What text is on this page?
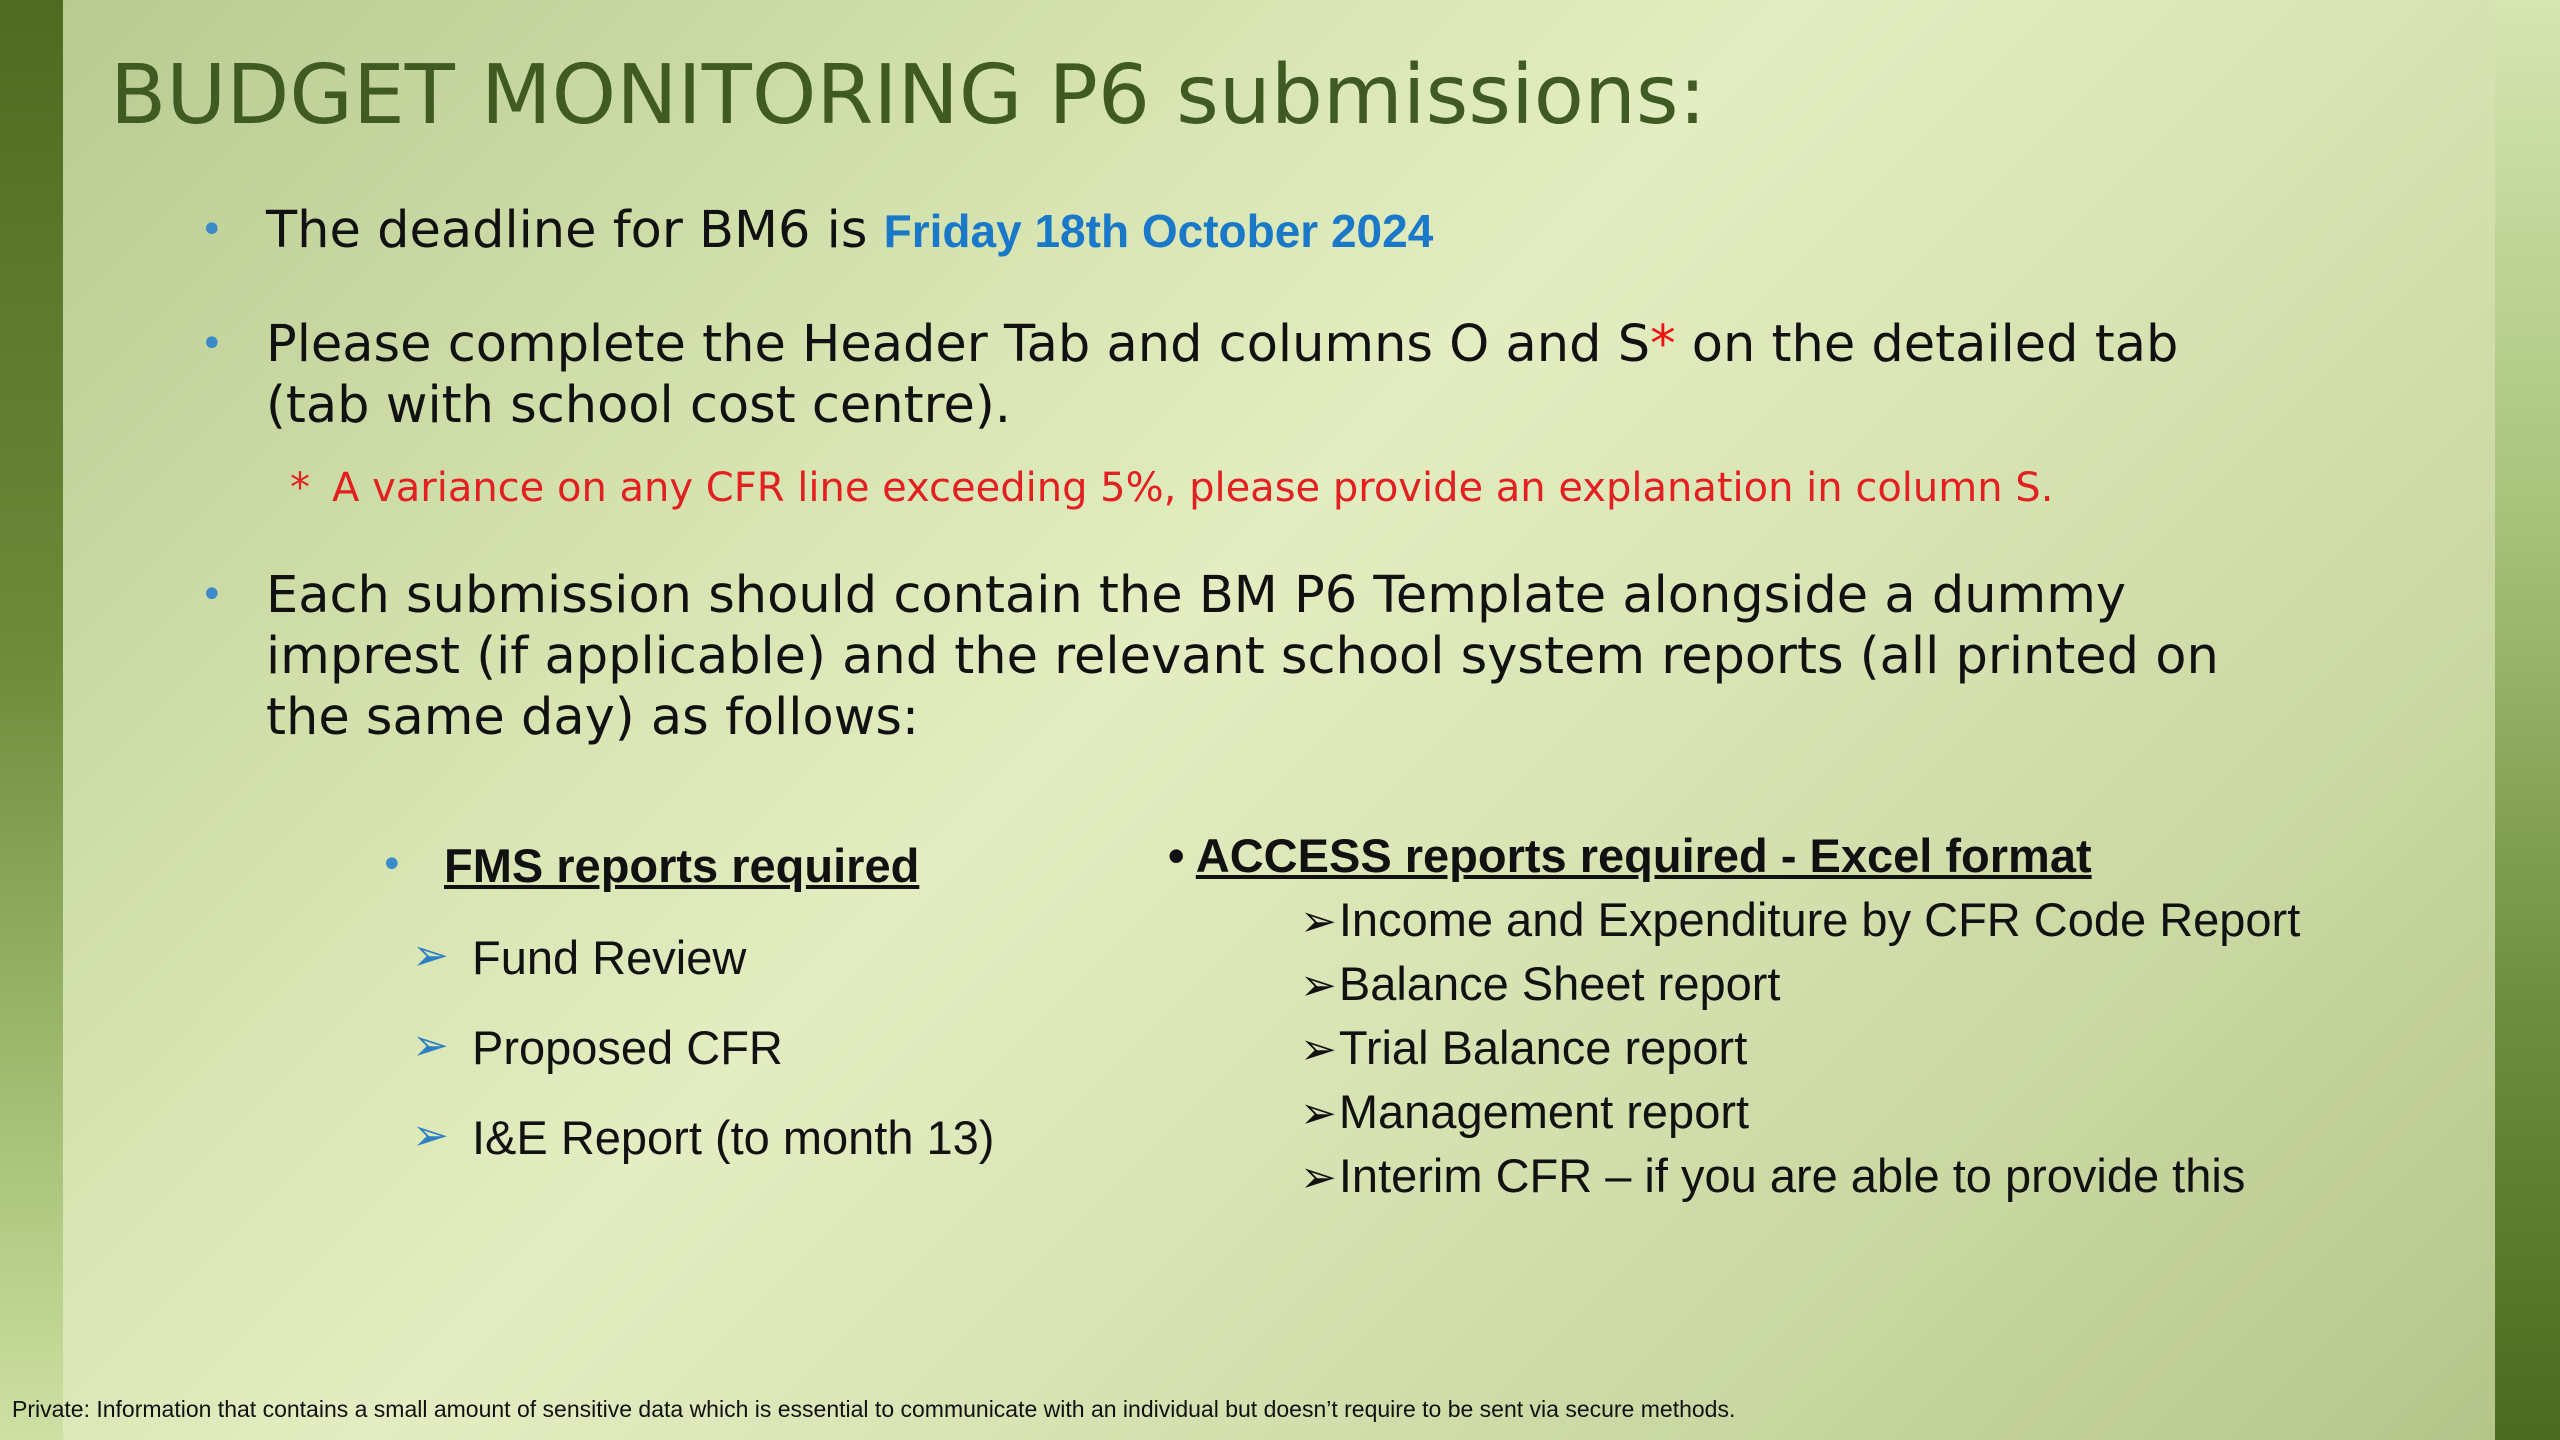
BUDGET MONITORING P6 submissions:
• The deadline for BM6 is Friday 18th October 2024
• Please complete the Header Tab and columns O and S* on the detailed tab
(tab with school cost centre).
* A variance on any CFR line exceeding 5%, please provide an explanation in column S.
• Each submission should contain the BM P6 Template alongside a dummy
imprest (if applicable) and the relevant school system reports (all printed on
the same day) as follows:
• FMS reports required
➢ Fund Review
➢ Proposed CFR
➢ I&E Report (to month 13)
• ACCESS reports required - Excel format
➢Income and Expenditure by CFR Code Report
➢Balance Sheet report
➢Trial Balance report
➢Management report
➢Interim CFR – if you are able to provide this
Private: Information that contains a small amount of sensitive data which is essential to communicate with an individual but doesn’t require to be sent via secure methods.
